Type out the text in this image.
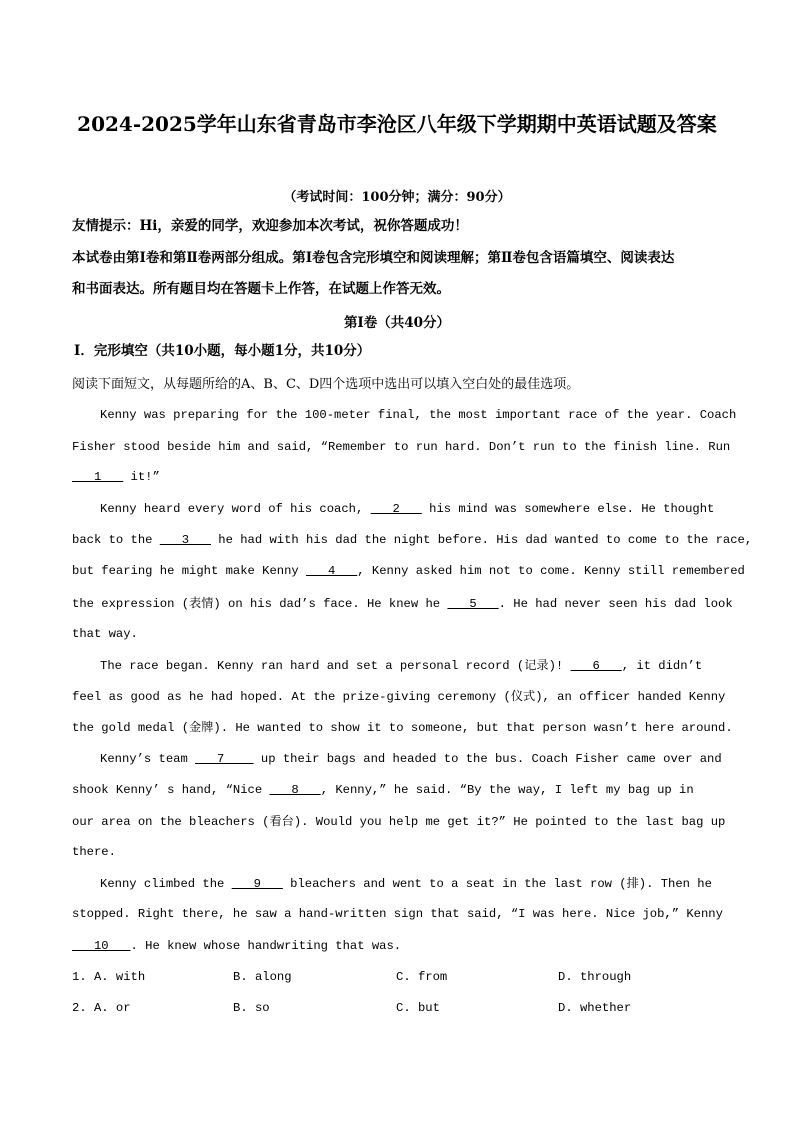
2024-2025学年山东省青岛市李沧区八年级下学期期中英语试题及答案
（考试时间：100分钟；满分：90分）
友情提示：Hi，亲爱的同学，欢迎参加本次考试，祝你答题成功！
本试卷由第Ⅰ卷和第Ⅱ卷两部分组成。第Ⅰ卷包含完形填空和阅读理解；第Ⅱ卷包含语篇填空、阅读表达
和书面表达。所有题目均在答题卡上作答，在试题上作答无效。
第Ⅰ卷（共40分）
Ⅰ．完形填空（共10小题，每小题1分，共10分）
阅读下面短文，从每题所给的A、B、C、D四个选项中选出可以填入空白处的最佳选项。
Kenny was preparing for the 100-meter final, the most important race of the year. Coach
Fisher stood beside him and said, “Remember to run hard. Don’t run to the finish line. Run
1    it!”
Kenny heard every word of his coach,    2    his mind was somewhere else. He thought
back to the    3    he had with his dad the night before. His dad wanted to come to the race,
but fearing he might make Kenny    4   , Kenny asked him not to come. Kenny still remembered
the expression (表情) on his dad’s face. He knew he    5   . He had never seen his dad look
that way.
The race began. Kenny ran hard and set a personal record (记录)!    6   , it didn’t
feel as good as he had hoped. At the prize-giving ceremony (仪式), an officer handed Kenny
the gold medal (金牌). He wanted to show it to someone, but that person wasn’t here around.
Kenny’s team    7     up their bags and headed to the bus. Coach Fisher came over and
shook Kenny’ s hand, “Nice    8   , Kenny,” he said. “By the way, I left my bag up in
our area on the bleachers (看台). Would you help me get it?” He pointed to the last bag up
there.
Kenny climbed the    9    bleachers and went to a seat in the last row (排). Then he
stopped. Right there, he saw a hand-written sign that said, “I was here. Nice job,” Kenny
10   . He knew whose handwriting that was.
1. A. with	B. along	C. from	D. through
2. A. or	B. so	C. but	D. whether
